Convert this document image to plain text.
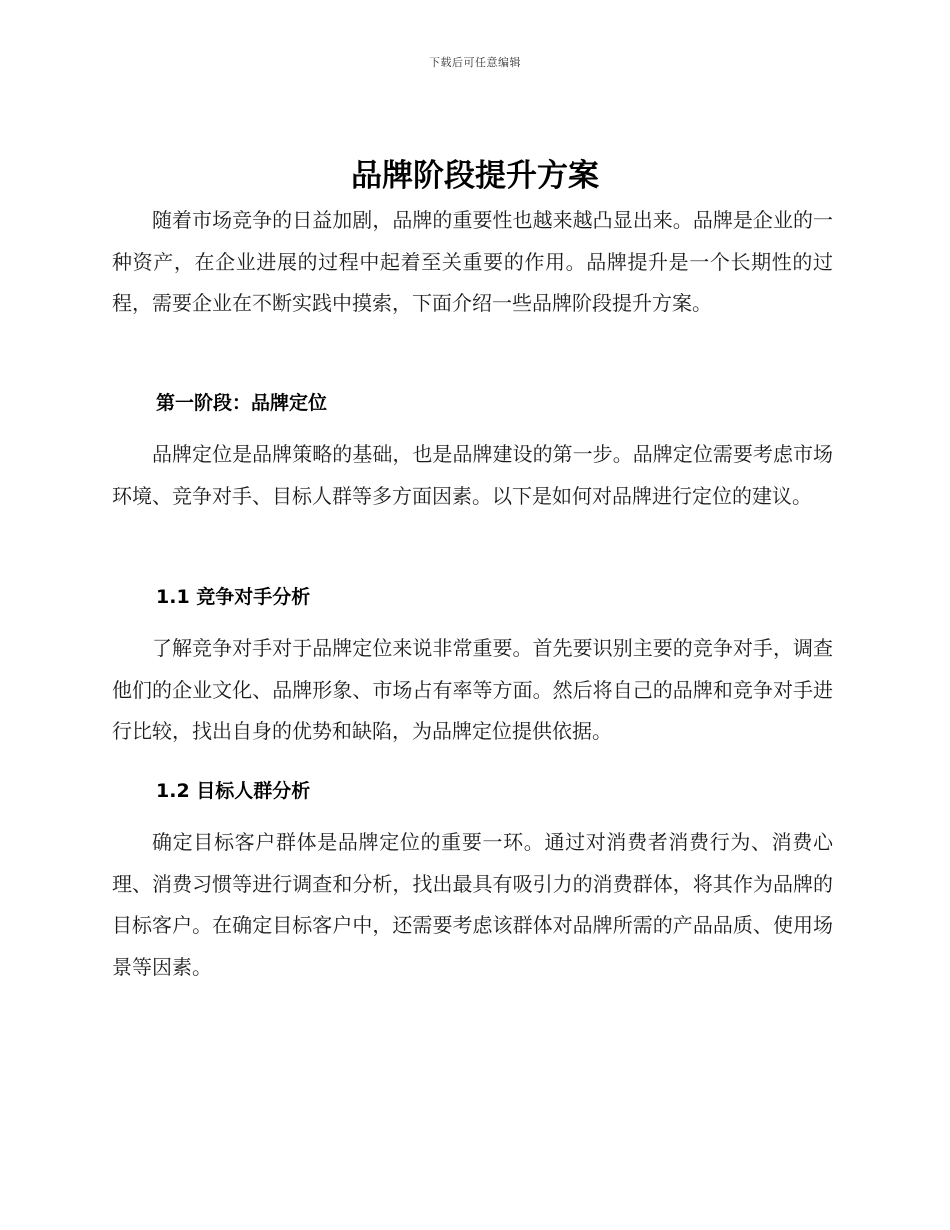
下载后可任意编辑
品牌阶段提升方案

随着市场竞争的日益加剧，品牌的重要性也越来越凸显出来。品牌是企业的一种资产，在企业进展的过程中起着至关重要的作用。品牌提升是一个长期性的过程，需要企业在不断实践中摸索，下面介绍一些品牌阶段提升方案。

第一阶段：品牌定位

品牌定位是品牌策略的基础，也是品牌建设的第一步。品牌定位需要考虑市场环境、竞争对手、目标人群等多方面因素。以下是如何对品牌进行定位的建议。

1.1 竞争对手分析

了解竞争对手对于品牌定位来说非常重要。首先要识别主要的竞争对手，调查他们的企业文化、品牌形象、市场占有率等方面。然后将自己的品牌和竞争对手进行比较，找出自身的优势和缺陷，为品牌定位提供依据。

1.2 目标人群分析

确定目标客户群体是品牌定位的重要一环。通过对消费者消费行为、消费心理、消费习惯等进行调查和分析，找出最具有吸引力的消费群体，将其作为品牌的目标客户。在确定目标客户中，还需要考虑该群体对品牌所需的产品品质、使用场景等因素。
